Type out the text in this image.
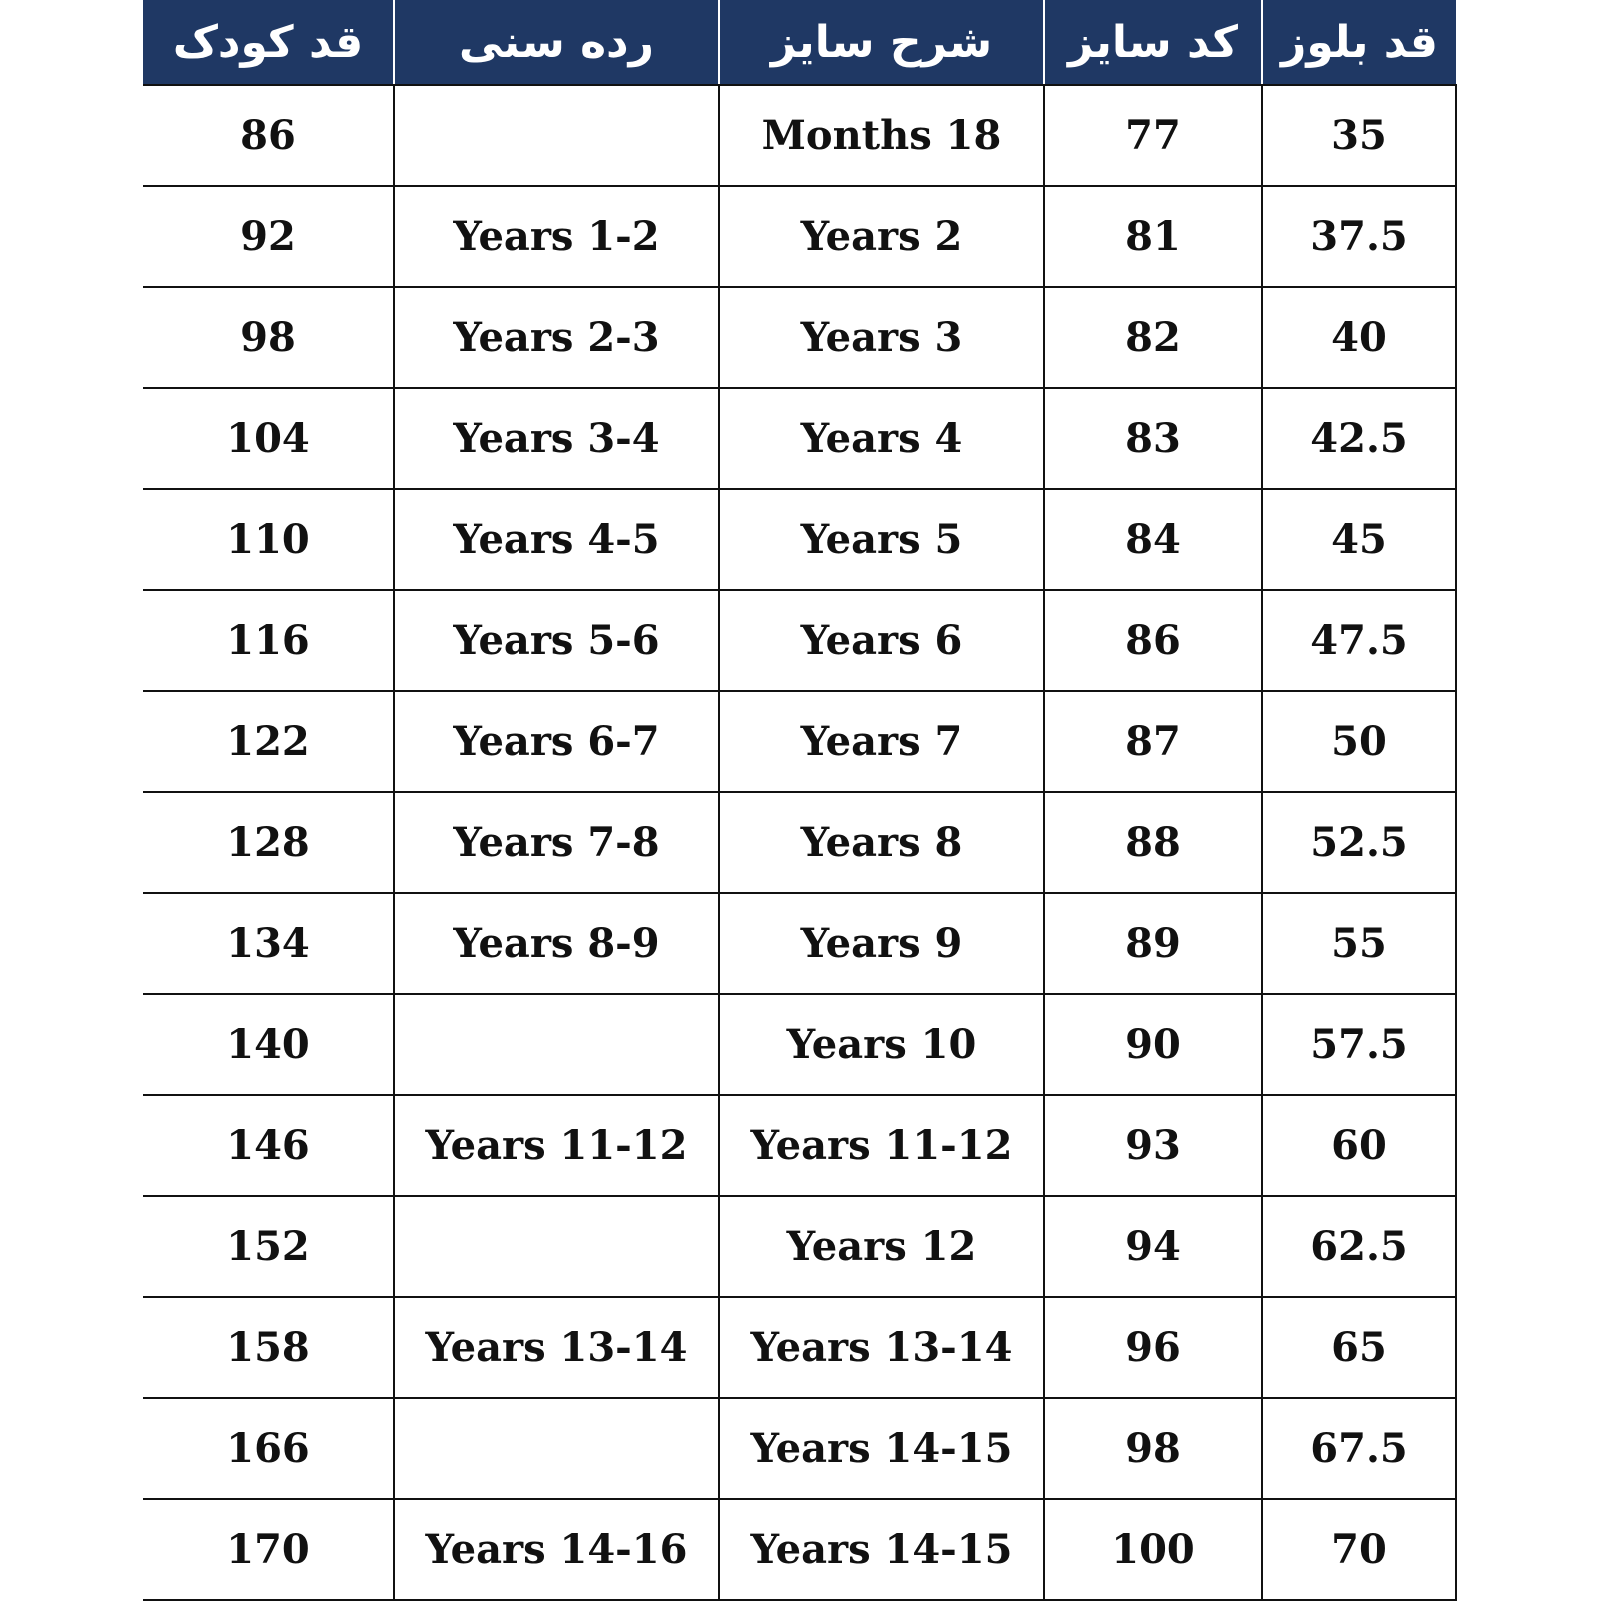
قد کودک	رده سنی	شرح سایز	کد سایز	قد بلوز
86		Months 18	77	35
92	Years 1-2	Years 2	81	37.5
98	Years 2-3	Years 3	82	40
104	Years 3-4	Years 4	83	42.5
110	Years 4-5	Years 5	84	45
116	Years 5-6	Years 6	86	47.5
122	Years 6-7	Years 7	87	50
128	Years 7-8	Years 8	88	52.5
134	Years 8-9	Years 9	89	55
140		Years 10	90	57.5
146	Years 11-12	Years 11-12	93	60
152		Years 12	94	62.5
158	Years 13-14	Years 13-14	96	65
166		Years 14-15	98	67.5
170	Years 14-16	Years 14-15	100	70
